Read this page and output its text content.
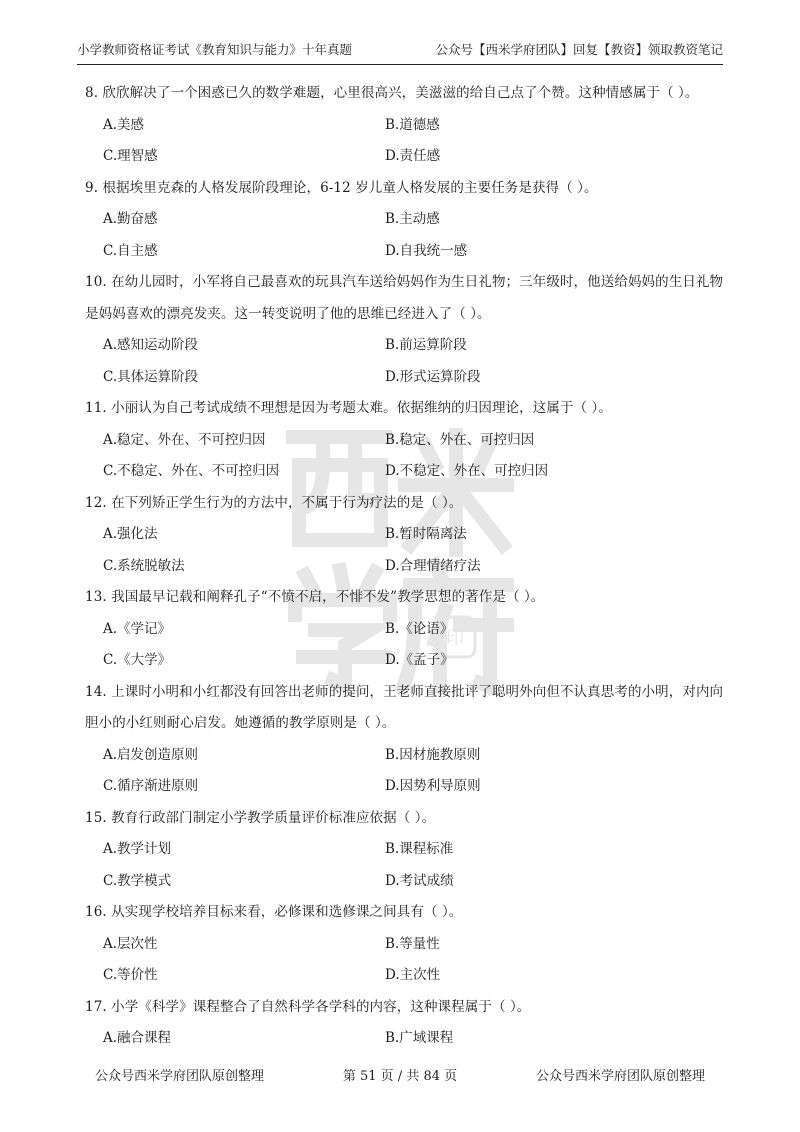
小学教师资格证考试《教育知识与能力》十年真题	公众号【西米学府团队】回复【教资】领取教资笔记
印

8. 欣欣解决了一个困惑已久的数学难题，心里很高兴，美滋滋的给自己点了个赞。这种情感属于（ ）。

A.美感	B.道德感
C.理智感	D.责任感

9. 根据埃里克森的人格发展阶段理论，6-12 岁儿童人格发展的主要任务是获得（ ）。

A.勤奋感	B.主动感
C.自主感	D.自我统一感

10. 在幼儿园时，小军将自己最喜欢的玩具汽车送给妈妈作为生日礼物；三年级时，他送给妈妈的生日礼物是妈妈喜欢的漂亮发夹。这一转变说明了他的思维已经进入了（ ）。

A.感知运动阶段	B.前运算阶段
C.具体运算阶段	D.形式运算阶段

11. 小丽认为自己考试成绩不理想是因为考题太难。依据维纳的归因理论，这属于（ ）。

A.稳定、外在、不可控归因	B.稳定、外在、可控归因
C.不稳定、外在、不可控归因	D.不稳定、外在、可控归因

12. 在下列矫正学生行为的方法中，不属于行为疗法的是（ ）。

A.强化法	B.暂时隔离法
C.系统脱敏法	D.合理情绪疗法

13. 我国最早记载和阐释孔子“不愤不启，不悱不发”教学思想的著作是（ ）。

A.《学记》	B.《论语》
C.《大学》	D.《孟子》

14. 上课时小明和小红都没有回答出老师的提问，王老师直接批评了聪明外向但不认真思考的小明，对内向胆小的小红则耐心启发。她遵循的教学原则是（ ）。

A.启发创造原则	B.因材施教原则
C.循序渐进原则	D.因势利导原则

15. 教育行政部门制定小学教学质量评价标准应依据（ ）。

A.教学计划	B.课程标准
C.教学模式	D.考试成绩

16. 从实现学校培养目标来看，必修课和选修课之间具有（ ）。

A.层次性	B.等量性
C.等价性	D.主次性

17. 小学《科学》课程整合了自然科学各学科的内容，这种课程属于（ ）。

A.融合课程	B.广域课程
公众号西米学府团队原创整理	第 51 页 / 共 84 页	公众号西米学府团队原创整理
